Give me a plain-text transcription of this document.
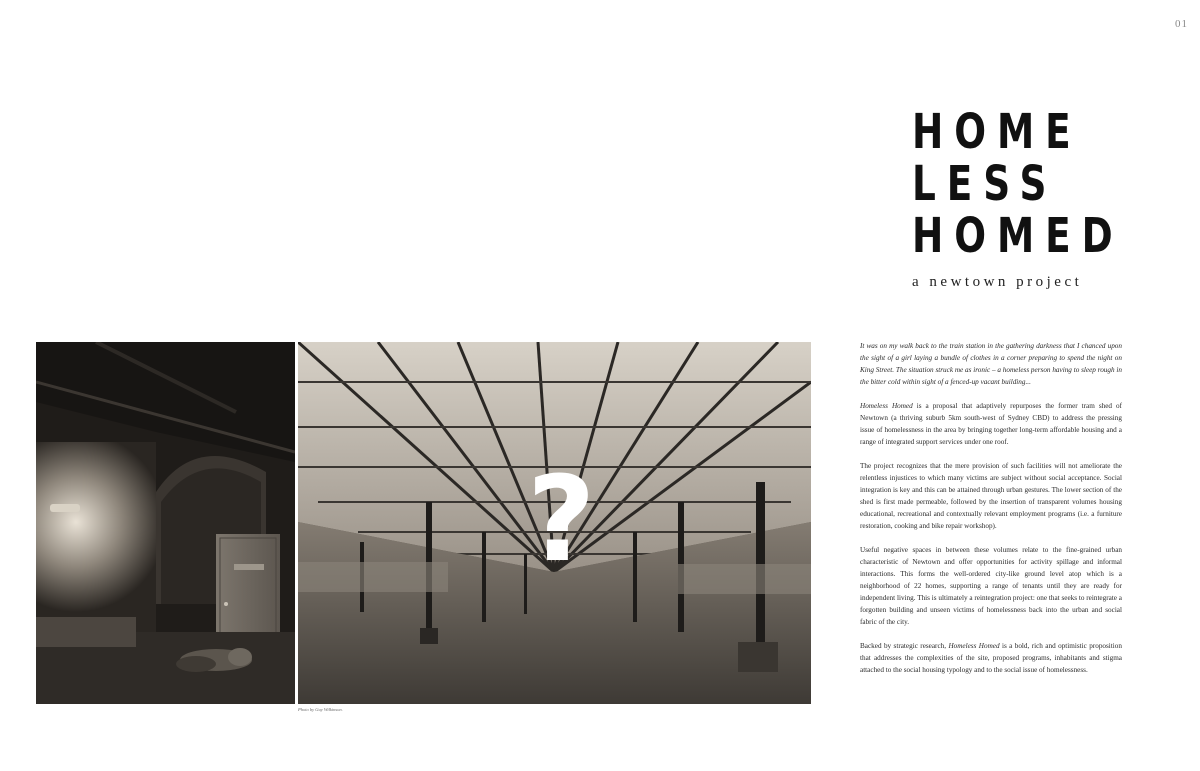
01
HOME
LESS
HOMED
a newtown project
?
Photo by Guy Wilkinson.

It was on my walk back to the train station in the gathering darkness that I chanced upon the sight of a girl laying a bundle of clothes in a corner preparing to spend the night on King Street. The situation struck me as ironic – a homeless person having to sleep rough in the bitter cold within sight of a fenced-up vacant building...

Homeless Homed is a proposal that adaptively repurposes the former tram shed of Newtown (a thriving suburb 5km south-west of Sydney CBD) to address the pressing issue of homelessness in the area by bringing together long-term affordable housing and a range of integrated support services under one roof.

The project recognizes that the mere provision of such facilities will not ameliorate the relentless injustices to which many victims are subject without social acceptance. Social integration is key and this can be attained through urban gestures. The lower section of the shed is first made permeable, followed by the insertion of transparent volumes housing educational, recreational and contextually relevant employment programs (i.e. a furniture restoration, cooking and bike repair workshop).

Useful negative spaces in between these volumes relate to the fine-grained urban characteristic of Newtown and offer opportunities for activity spillage and informal interactions. This forms the well-ordered city-like ground level atop which is a neighborhood of 22 homes, supporting a range of tenants until they are ready for independent living. This is ultimately a reintegration project: one that seeks to reintegrate a forgotten building and unseen victims of homelessness back into the urban and social fabric of the city.

Backed by strategic research, Homeless Homed is a bold, rich and optimistic proposition that addresses the complexities of the site, proposed programs, inhabitants and stigma attached to the social housing typology and to the social issue of homelessness.
